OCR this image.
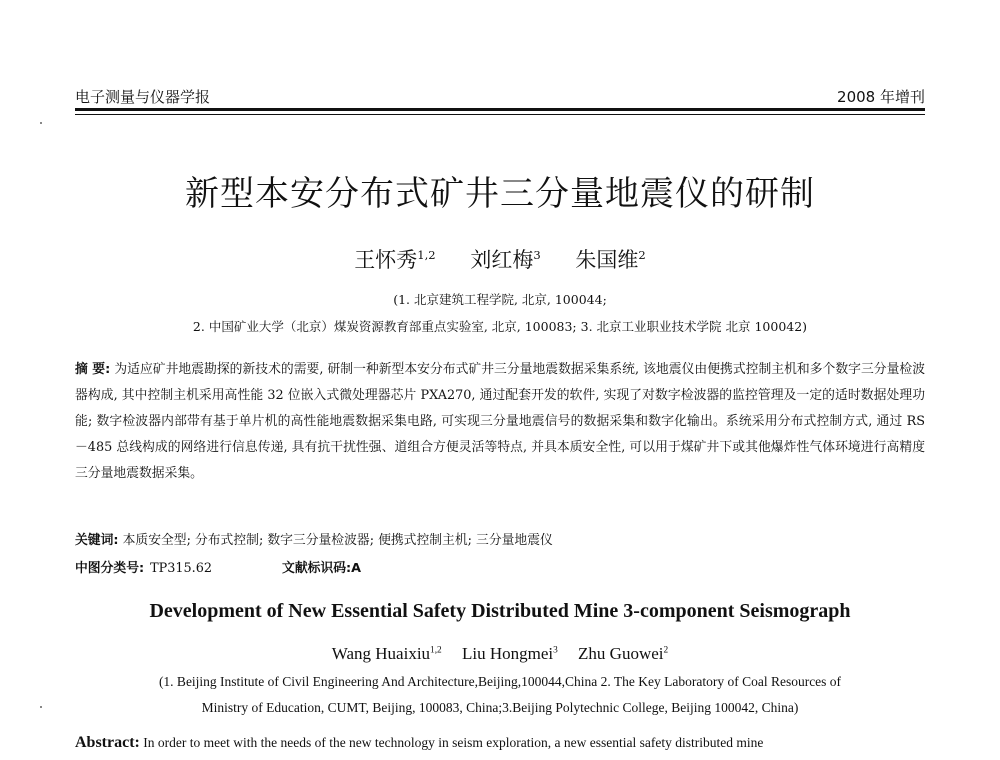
电子测量与仪器学报	2008 年增刊
新型本安分布式矿井三分量地震仪的研制
王怀秀$^{1,2}$ 刘红梅$^3$ 朱国维$^2$
(1. 北京建筑工程学院, 北京, 100044;
2. 中国矿业大学（北京）煤炭资源教育部重点实验室, 北京, 100083; 3. 北京工业职业技术学院 北京 100042)
摘 要: 为适应矿井地震勘探的新技术的需要, 研制一种新型本安分布式矿井三分量地震数据采集系统, 该地震仪由便携式控制主机和多个数字三分量检波器构成, 其中控制主机采用高性能 32 位嵌入式微处理器芯片 PXA270, 通过配套开发的软件, 实现了对数字检波器的监控管理及一定的适时数据处理功能; 数字检波器内部带有基于单片机的高性能地震数据采集电路, 可实现三分量地震信号的数据采集和数字化输出。系统采用分布式控制方式, 通过 RS－485 总线构成的网络进行信息传递, 具有抗干扰性强、道组合方便灵活等特点, 并具本质安全性, 可以用于煤矿井下或其他爆炸性气体环境进行高精度三分量地震数据采集。
关键词: 本质安全型; 分布式控制; 数字三分量检波器; 便携式控制主机; 三分量地震仪
中图分类号: TP315.62	文献标识码:A
Development of New Essential Safety Distributed Mine 3-component Seismograph
Wang Huaixiu$^{1,2}$ Liu Hongmei$^3$ Zhu Guowei$^2$
(1. Beijing Institute of Civil Engineering And Architecture,Beijing,100044,China 2. The Key Laboratory of Coal Resources of
Ministry of Education, CUMT, Beijing, 100083, China;3.Beijing Polytechnic College, Beijing 100042, China)
Abstract: In order to meet with the needs of the new technology in seism exploration, a new essential safety distributed mine
